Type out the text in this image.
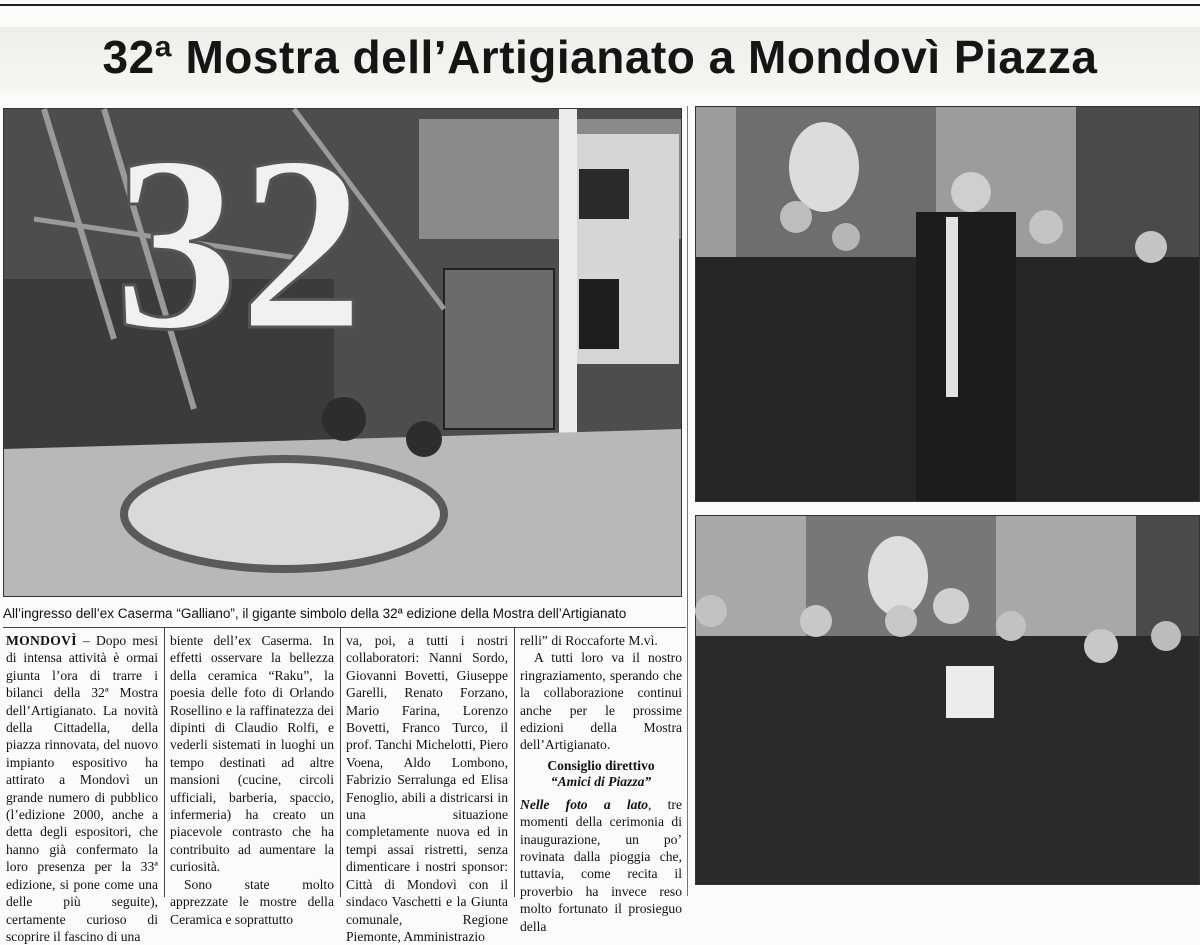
32ª Mostra dell’Artigianato a Mondovì Piazza
32
All’ingresso dell’ex Caserma “Galliano”, il gigante simbolo della 32ª edizione della Mostra dell’Artigianato

MONDOVÌ – Dopo mesi di intensa attività è ormai giunta l’ora di trarre i bilanci della 32ª Mostra dell’Artigianato. La novità della Cittadella, della piazza rinnovata, del nuovo impianto espositivo ha attirato a Mondovì un grande numero di pubblico (l’edizione 2000, anche a detta degli espositori, che hanno già confermato la loro presenza per la 33ª edizione, si pone come una delle più seguite), certamente curioso di scoprire il fascino di una

biente dell’ex Caserma. In effetti osservare la bellezza della ceramica “Raku”, la poesia delle foto di Orlando Rosellino e la raffinatezza dei dipinti di Claudio Rolfi, e vederli sistemati in luoghi un tempo destinati ad altre mansioni (cucine, circoli ufficiali, barberia, spaccio, infermeria) ha creato un piacevole contrasto che ha contribuito ad aumentare la curiosità.

Sono state molto apprezzate le mostre della Ceramica e soprattutto

va, poi, a tutti i nostri collaboratori: Nanni Sordo, Giovanni Bovetti, Giuseppe Garelli, Renato Forzano, Mario Farina, Lorenzo Bovetti, Franco Turco, il prof. Tanchi Michelotti, Piero Voena, Aldo Lombono, Fabrizio Serralunga ed Elisa Fenoglio, abili a districarsi in una situazione completamente nuova ed in tempi assai ristretti, senza dimenticare i nostri sponsor: Città di Mondovì con il sindaco Vaschetti e la Giunta comunale, Regione Piemonte, Amministrazio

relli” di Roccaforte M.vì.

A tutti loro va il nostro ringraziamento, sperando che la collaborazione continui anche per le prossime edizioni della Mostra dell’Artigianato.

Consiglio direttivo
“Amici di Piazza”

Nelle foto a lato, tre momenti della cerimonia di inaugurazione, un po’ rovinata dalla pioggia che, tuttavia, come recita il proverbio ha invece reso molto fortunato il prosieguo della
